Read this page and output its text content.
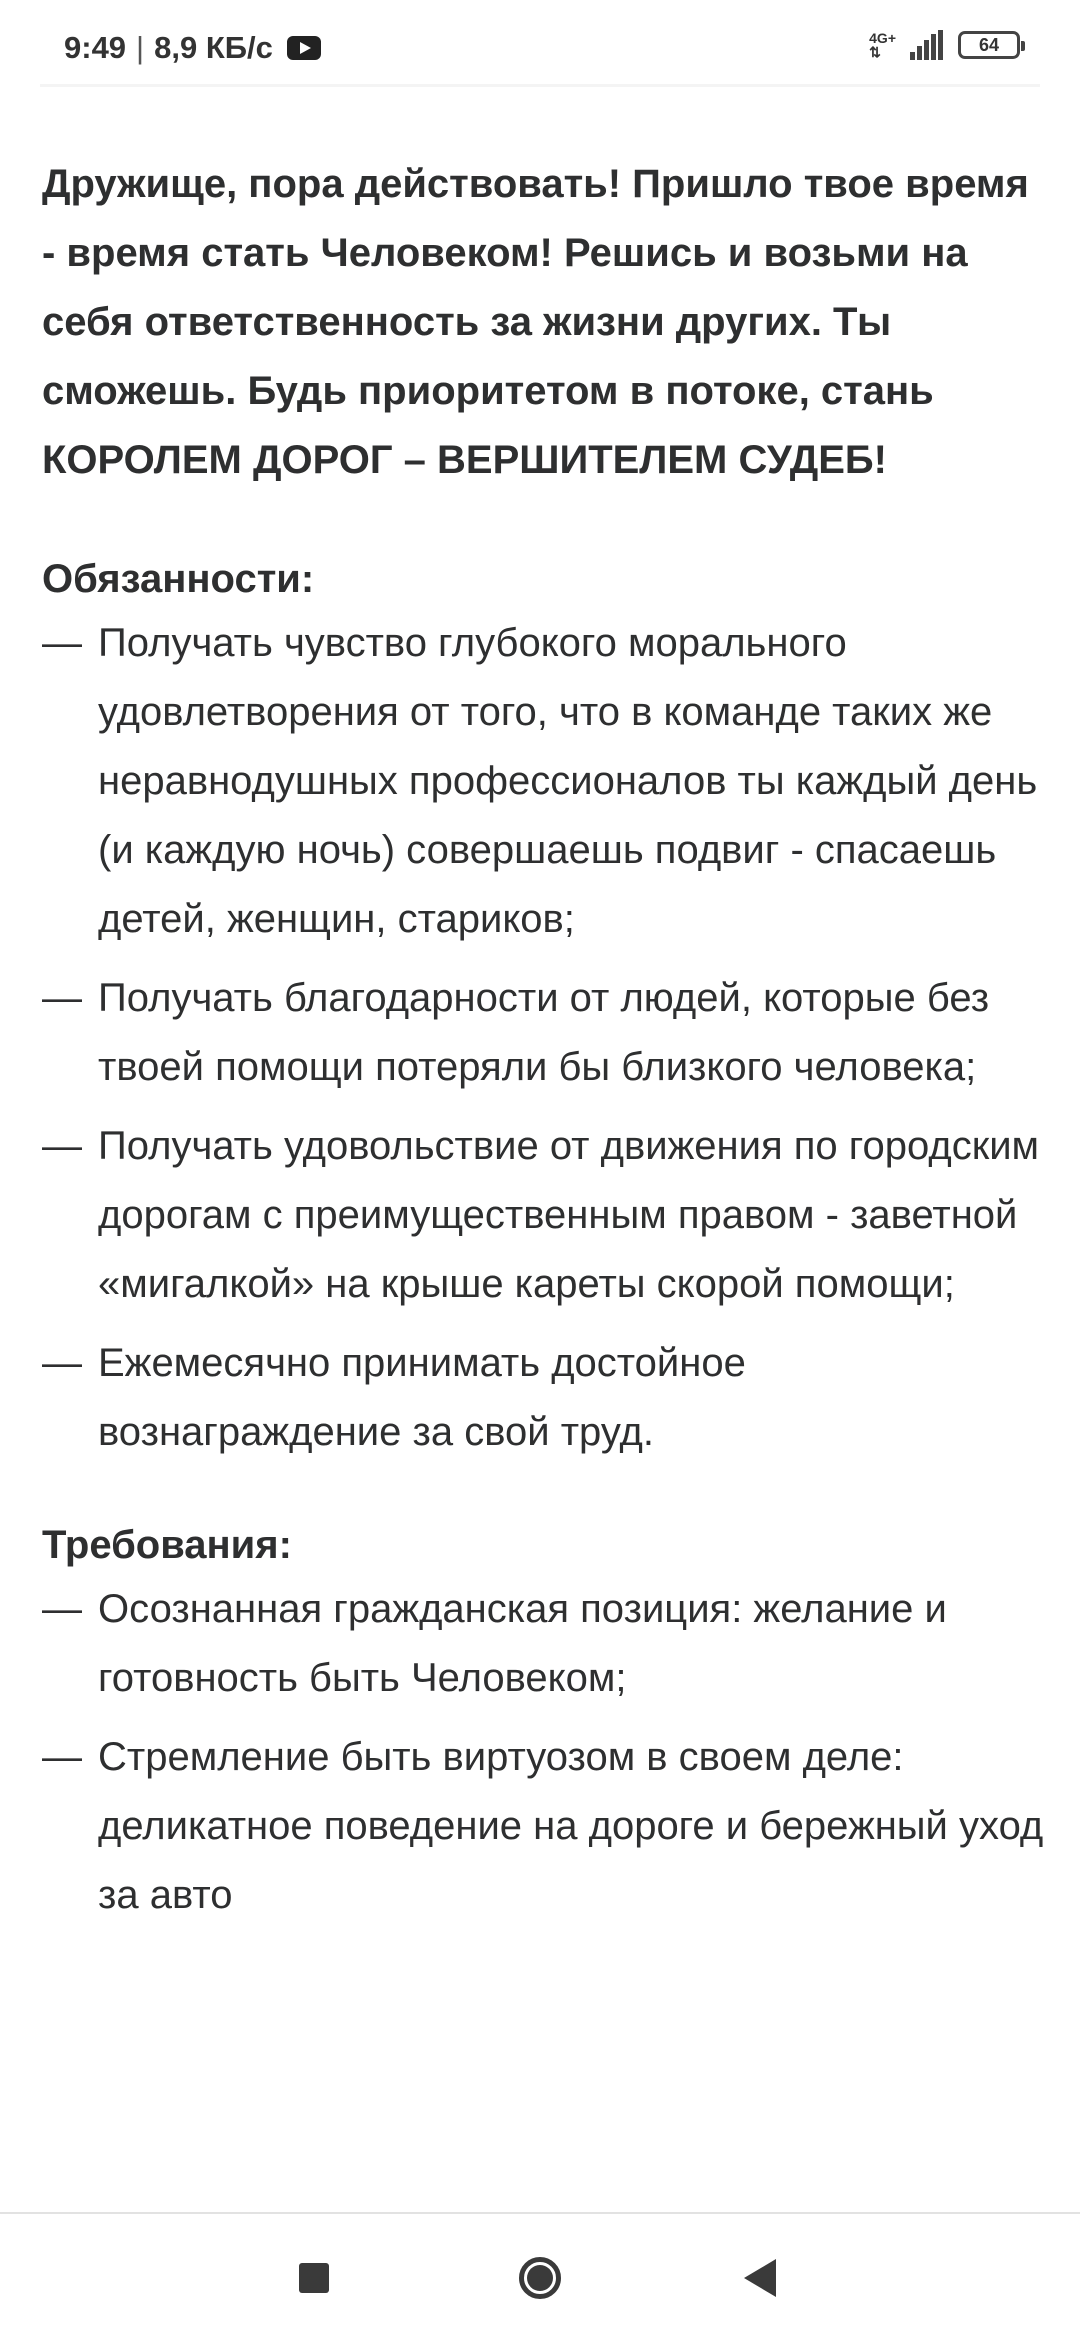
9:49 | 8,9 КБ/с	4G+
⇅	64

Дружище, пора действовать! Пришло твое время - время стать Человеком! Решись и возьми на себя ответственность за жизни других. Ты сможешь. Будь приоритетом в потоке, стань КОРОЛЕМ ДОРОГ – ВЕРШИТЕЛЕМ СУДЕБ!

Обязанности:
— Получать чувство глубокого морального удовлетворения от того, что в команде таких же неравнодушных профессионалов ты каждый день (и каждую ночь) совершаешь подвиг - спасаешь детей, женщин, стариков;
— Получать благодарности от людей, которые без твоей помощи потеряли бы близкого человека;
— Получать удовольствие от движения по городским дорогам с преимущественным правом - заветной «мигалкой» на крыше кареты скорой помощи;
— Ежемесячно принимать достойное вознаграждение за свой труд.
Требования:
— Осознанная гражданская позиция: желание и готовность быть Человеком;
— Стремление быть виртуозом в своем деле: деликатное поведение на дороге и бережный уход за авто
